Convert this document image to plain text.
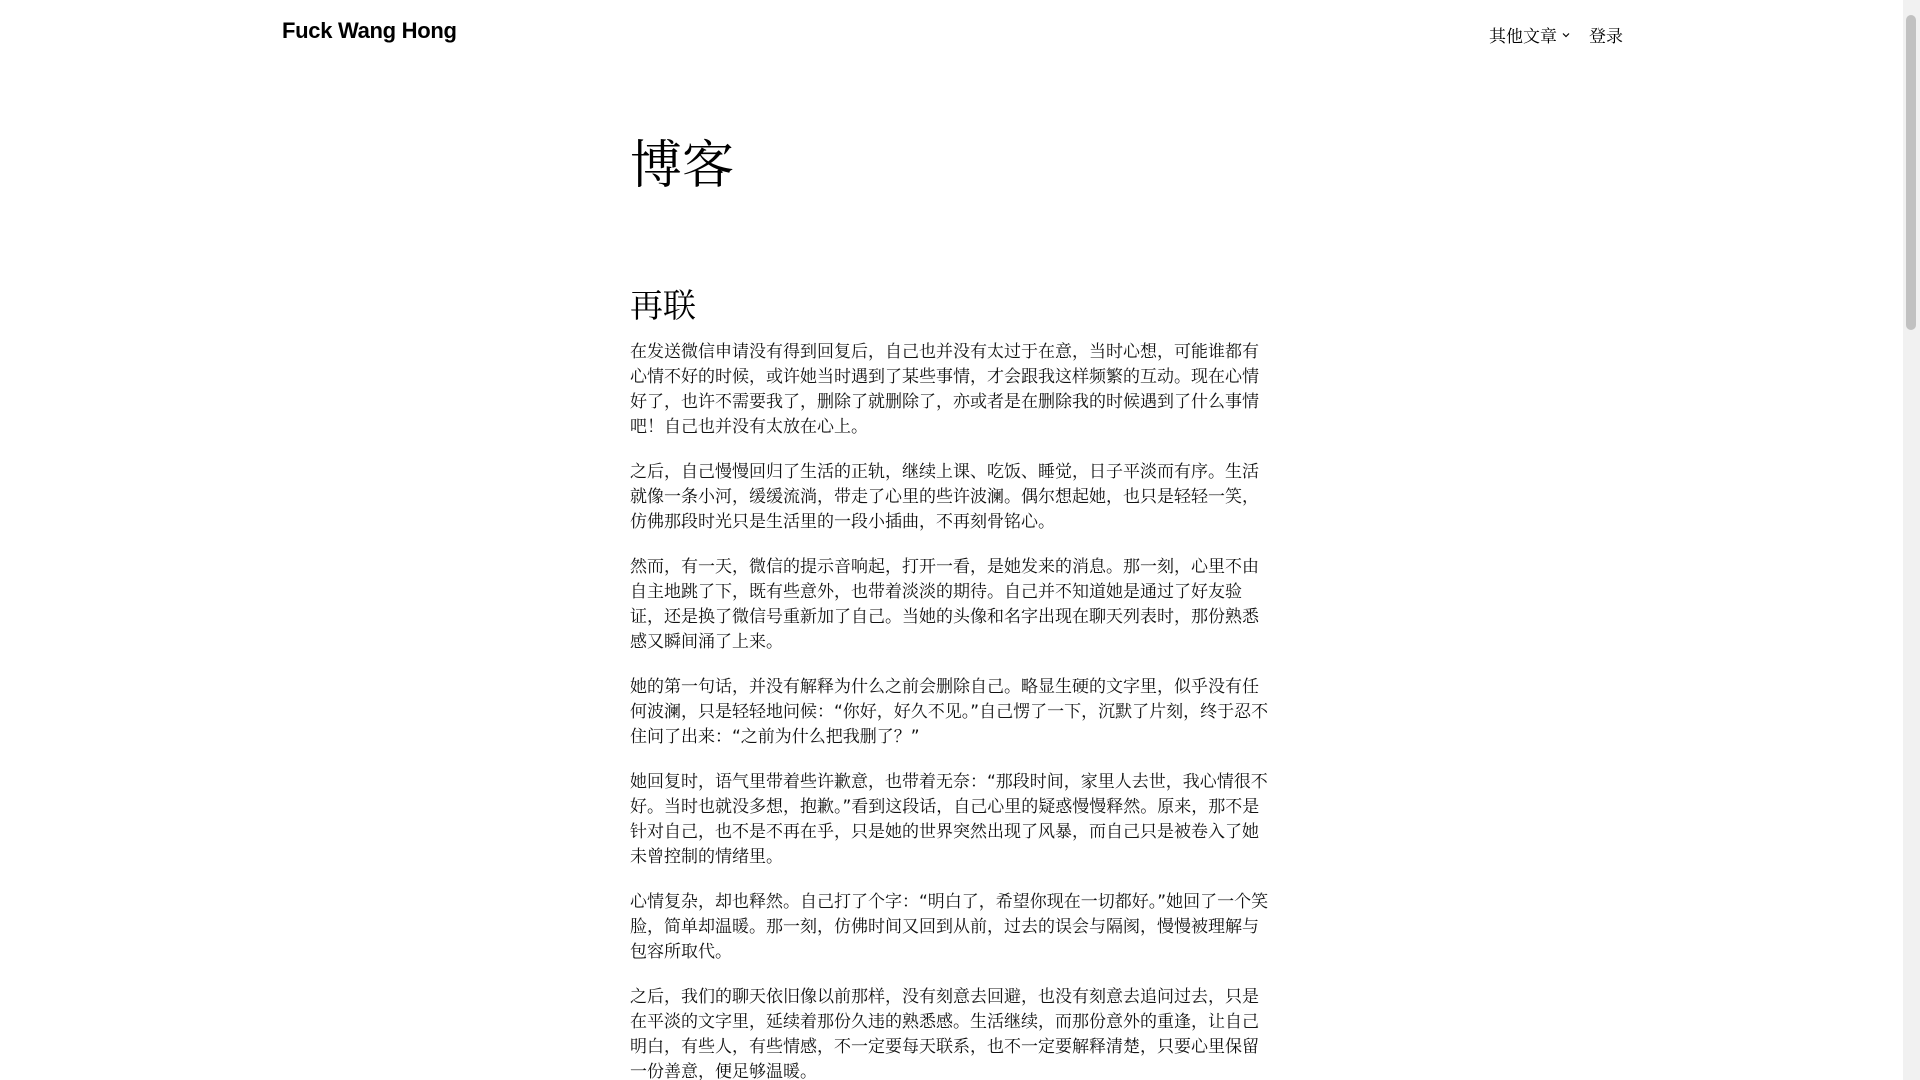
Fuck Wang Hong	其他文章 登录
博客
再联

在发送微信申请没有得到回复后，自己也并没有太过于在意，当时心想，可能谁都有心情不好的时候，或许她当时遇到了某些事情，才会跟我这样频繁的互动。现在心情好了，也许不需要我了，删除了就删除了，亦或者是在删除我的时候遇到了什么事情吧！自己也并没有太放在心上。

之后，自己慢慢回归了生活的正轨，继续上课、吃饭、睡觉，日子平淡而有序。生活就像一条小河，缓缓流淌，带走了心里的些许波澜。偶尔想起她，也只是轻轻一笑，仿佛那段时光只是生活里的一段小插曲，不再刻骨铭心。

然而，有一天，微信的提示音响起，打开一看，是她发来的消息。那一刻，心里不由自主地跳了下，既有些意外，也带着淡淡的期待。自己并不知道她是通过了好友验证，还是换了微信号重新加了自己。当她的头像和名字出现在聊天列表时，那份熟悉感又瞬间涌了上来。

她的第一句话，并没有解释为什么之前会删除自己。略显生硬的文字里，似乎没有任何波澜，只是轻轻地问候：“你好，好久不见。”自己愣了一下，沉默了片刻，终于忍不住问了出来：“之前为什么把我删了？”

她回复时，语气里带着些许歉意，也带着无奈：“那段时间，家里人去世，我心情很不好。当时也就没多想，抱歉。”看到这段话，自己心里的疑惑慢慢释然。原来，那不是针对自己，也不是不再在乎，只是她的世界突然出现了风暴，而自己只是被卷入了她未曾控制的情绪里。

心情复杂，却也释然。自己打了个字：“明白了，希望你现在一切都好。”她回了一个笑脸，简单却温暖。那一刻，仿佛时间又回到从前，过去的误会与隔阂，慢慢被理解与包容所取代。

之后，我们的聊天依旧像以前那样，没有刻意去回避，也没有刻意去追问过去，只是在平淡的文字里，延续着那份久违的熟悉感。生活继续，而那份意外的重逢，让自己明白，有些人，有些情感，不一定要每天联系，也不一定要解释清楚，只要心里保留一份善意，便足够温暖。
